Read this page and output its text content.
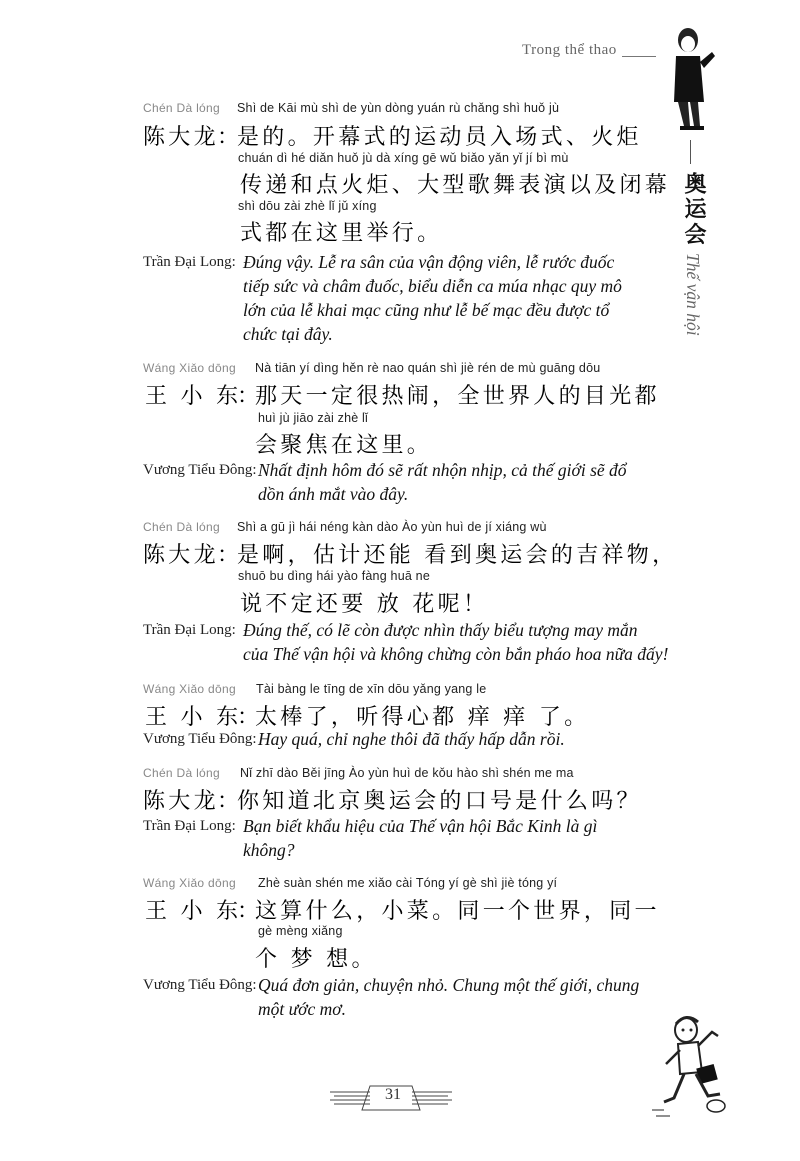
Trong thể thao
奥运会 Thế vận hội
Chén Dà lóng	Shì de Kāi mù shì de yùn dòng yuán rù chǎng shì huǒ jù
陈大龙
：
是的。开幕式的运动员入场式、火炬
chuán dì hé diǎn huǒ jù dà xíng gē wǔ biǎo yǎn yǐ jí bì mù
传递和点火炬、大型歌舞表演以及闭幕
shì dōu zài zhè lǐ jǔ xíng
式都在这里举行。
Trần Đại Long: Đúng vậy. Lễ ra sân của vận động viên, lễ rước đuốc
tiếp sức và châm đuốc, biểu diễn ca múa nhạc quy mô
lớn của lễ khai mạc cũng như lễ bế mạc đều được tổ
chức tại đây.
Wáng Xiǎo dōng Nà tiān yí dìng hěn rè nao quán shì jiè rén de mù guāng dōu
王 小 东
：
那天一定很热闹，全世界人的目光都
huì jù jiāo zài zhè lǐ
会聚焦在这里。
Vương Tiểu Đông: Nhất định hôm đó sẽ rất nhộn nhịp, cả thế giới sẽ đổ
dồn ánh mắt vào đây.
Chén Dà lóng	Shì a gū jì hái néng kàn dào Ào yùn huì de jí xiáng wù
陈大龙
：
是啊，估计还能 看到奥运会的吉祥物，
shuō bu dìng hái yào fàng huā ne
说不定还要 放 花呢！
Trần Đại Long: Đúng thế, có lẽ còn được nhìn thấy biểu tượng may mắn
của Thế vận hội và không chừng còn bắn pháo hoa nữa đấy!
Wáng Xiǎo dōng Tài bàng le tīng de xīn dōu yǎng yang le
王 小 东
：
太棒了，听得心都 痒 痒 了。
Vương Tiểu Đông: Hay quá, chỉ nghe thôi đã thấy hấp dẫn rồi.
Chén Dà lóng	Nǐ zhī dào Běi jīng Ào yùn huì de kǒu hào shì shén me ma
陈大龙
：
你知道北京奥运会的口号是什么吗？
Trần Đại Long: Bạn biết khẩu hiệu của Thế vận hội Bắc Kinh là gì
không?
Wáng Xiǎo dōng Zhè suàn shén me xiǎo cài Tóng yí gè shì jiè tóng yí
王 小 东
：
这算什么，小菜。同一个世界，同一
gè mèng xiǎng
个 梦 想。
Vương Tiểu Đông: Quá đơn giản, chuyện nhỏ. Chung một thế giới, chung
một ước mơ.
31
